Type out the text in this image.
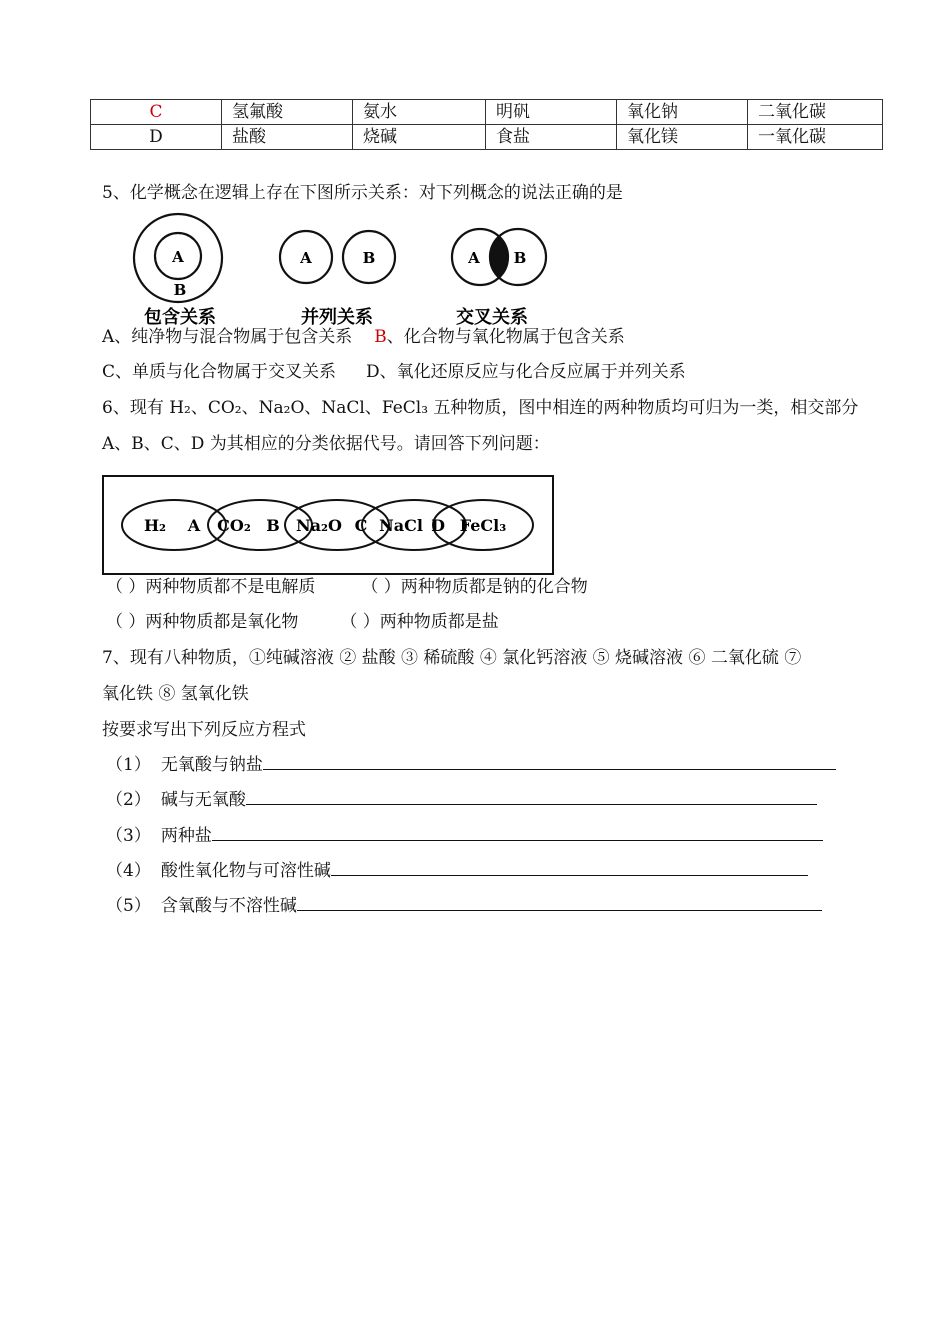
C	氢氟酸	氨水	明矾	氧化钠	二氧化碳
D	盐酸	烧碱	食盐	氧化镁	一氧化碳
5、化学概念在逻辑上存在下图所示关系：对下列概念的说法正确的是
A
B
包含关系
A	B
并列关系
A B
交叉关系
A、纯净物与混合物属于包含关系 B、化合物与氧化物属于包含关系
C、单质与化合物属于交叉关系 D、氧化还原反应与化合反应属于并列关系
6、现有 H₂、CO₂、Na₂O、NaCl、FeCl₃ 五种物质，图中相连的两种物质均可归为一类，相交部分
A、B、C、D 为其相应的分类依据代号。请回答下列问题：
H₂	CO₂	Na₂O NaCl FeCl₃
A	B	C	D
（ ）两种物质都不是电解质	（ ）两种物质都是钠的化合物
（ ）两种物质都是氧化物 （ ）两种物质都是盐
7、现有八种物质，①纯碱溶液 ② 盐酸 ③ 稀硫酸 ④ 氯化钙溶液 ⑤ 烧碱溶液 ⑥ 二氧化硫 ⑦
氧化铁 ⑧ 氢氧化铁
按要求写出下列反应方程式
（1） 无氧酸与钠盐
（2） 碱与无氧酸
（3） 两种盐
（4） 酸性氧化物与可溶性碱
（5） 含氧酸与不溶性碱
